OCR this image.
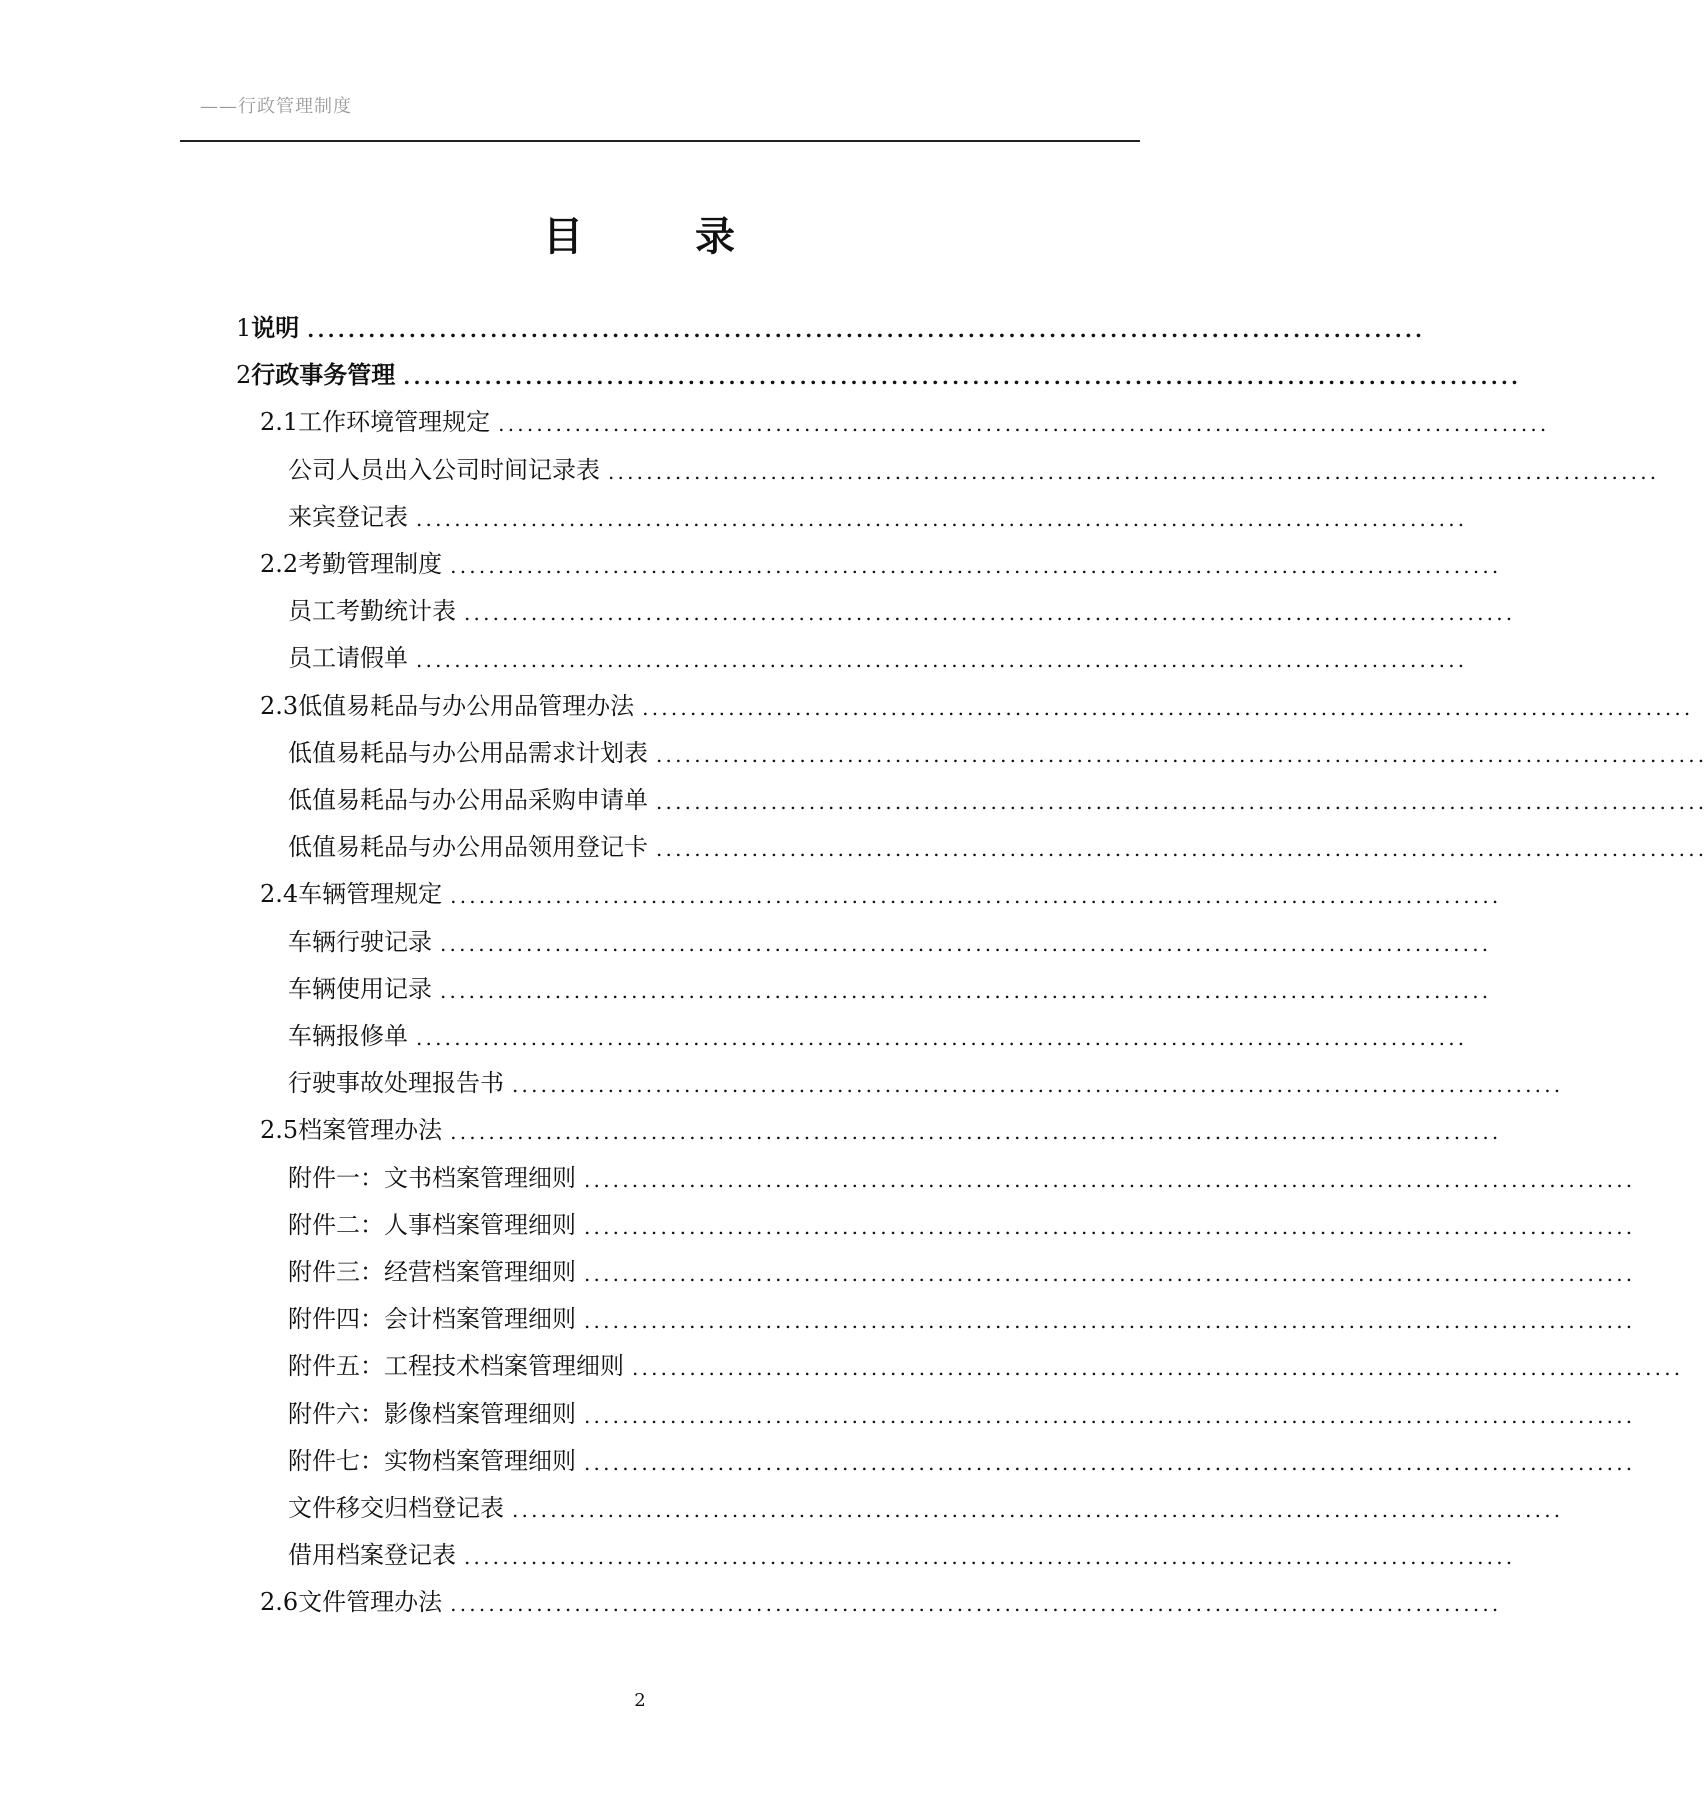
——行政管理制度
目	录
1 说明 ..............................................................................................................
2 行政事务管理 ..............................................................................................................
2.1 工作环境管理规定 ..............................................................................................................
公司人员出入公司时间记录表 ..............................................................................................................
来宾登记表 ..............................................................................................................
2.2 考勤管理制度 ..............................................................................................................
员工考勤统计表 ..............................................................................................................
员工请假单 ..............................................................................................................
2.3 低值易耗品与办公用品管理办法 ..............................................................................................................
低值易耗品与办公用品需求计划表 ..............................................................................................................
低值易耗品与办公用品采购申请单 ..............................................................................................................
低值易耗品与办公用品领用登记卡 ..............................................................................................................
2.4 车辆管理规定 ..............................................................................................................
车辆行驶记录 ..............................................................................................................
车辆使用记录 ..............................................................................................................
车辆报修单 ..............................................................................................................
行驶事故处理报告书 ..............................................................................................................
2.5 档案管理办法 ..............................................................................................................
附件一：文书档案管理细则 ..............................................................................................................
附件二：人事档案管理细则 ..............................................................................................................
附件三：经营档案管理细则 ..............................................................................................................
附件四：会计档案管理细则 ..............................................................................................................
附件五：工程技术档案管理细则 ..............................................................................................................
附件六：影像档案管理细则 ..............................................................................................................
附件七：实物档案管理细则 ..............................................................................................................
文件移交归档登记表 ..............................................................................................................
借用档案登记表 ..............................................................................................................
2.6 文件管理办法 ..............................................................................................................
2
